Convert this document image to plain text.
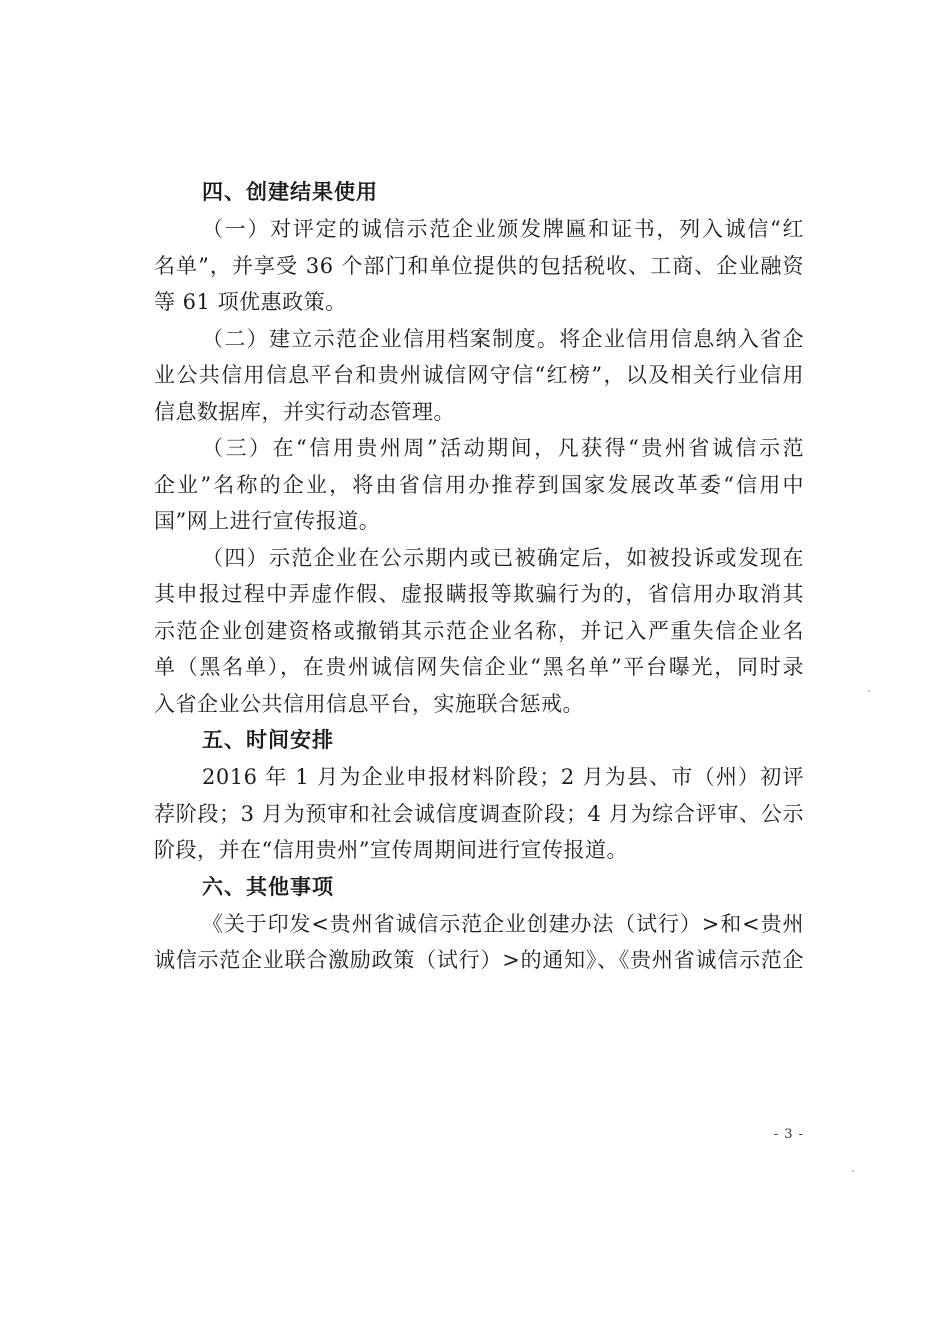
四、创建结果使用

（一）对评定的诚信示范企业颁发牌匾和证书，列入诚信“红
名单”，并享受 36 个部门和单位提供的包括税收、工商、企业融资
等 61 项优惠政策。

（二）建立示范企业信用档案制度。将企业信用信息纳入省企
业公共信用信息平台和贵州诚信网守信“红榜”，以及相关行业信用
信息数据库，并实行动态管理。

（三）在“信用贵州周”活动期间，凡获得“贵州省诚信示范
企业”名称的企业，将由省信用办推荐到国家发展改革委“信用中
国”网上进行宣传报道。

（四）示范企业在公示期内或已被确定后，如被投诉或发现在
其申报过程中弄虚作假、虚报瞒报等欺骗行为的，省信用办取消其
示范企业创建资格或撤销其示范企业名称，并记入严重失信企业名
单（黑名单），在贵州诚信网失信企业“黑名单”平台曝光，同时录
入省企业公共信用信息平台，实施联合惩戒。

五、时间安排

2016 年 1 月为企业申报材料阶段；2 月为县、市（州）初评
荐阶段；3 月为预审和社会诚信度调查阶段；4 月为综合评审、公示
阶段，并在“信用贵州”宣传周期间进行宣传报道。

六、其他事项

《关于印发<贵州省诚信示范企业创建办法（试行）>和<贵州
诚信示范企业联合激励政策（试行）>的通知》、《贵州省诚信示范企

- 3 -
